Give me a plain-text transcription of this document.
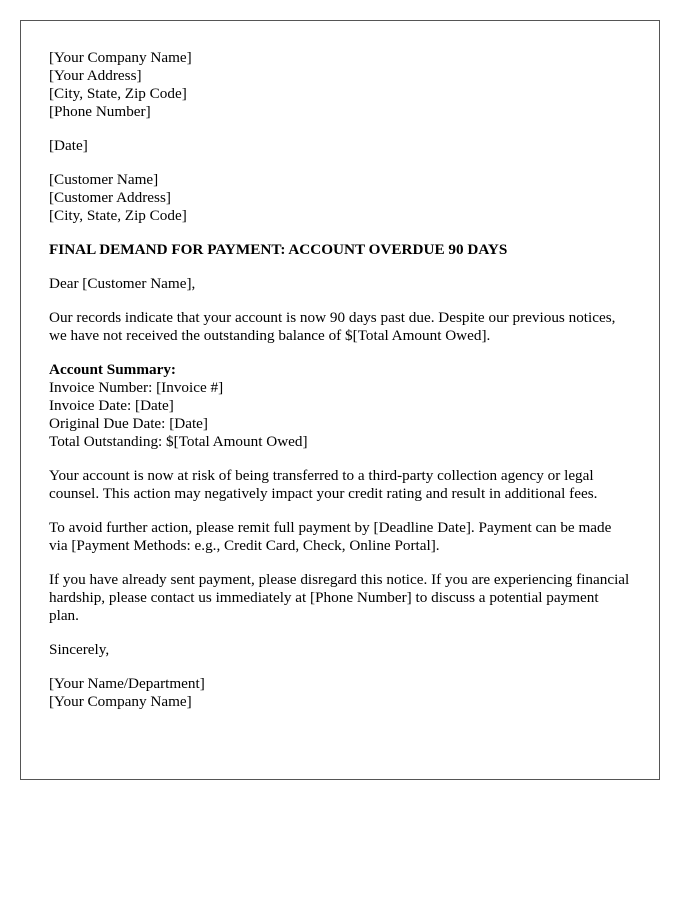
[Your Company Name]
[Your Address]
[City, State, Zip Code]
[Phone Number]
[Date]
[Customer Name]
[Customer Address]
[City, State, Zip Code]
FINAL DEMAND FOR PAYMENT: ACCOUNT OVERDUE 90 DAYS
Dear [Customer Name],
Our records indicate that your account is now 90 days past due. Despite our previous notices, we have not received the outstanding balance of $[Total Amount Owed].
Account Summary:
Invoice Number: [Invoice #]
Invoice Date: [Date]
Original Due Date: [Date]
Total Outstanding: $[Total Amount Owed]
Your account is now at risk of being transferred to a third-party collection agency or legal counsel. This action may negatively impact your credit rating and result in additional fees.
To avoid further action, please remit full payment by [Deadline Date]. Payment can be made via [Payment Methods: e.g., Credit Card, Check, Online Portal].
If you have already sent payment, please disregard this notice. If you are experiencing financial hardship, please contact us immediately at [Phone Number] to discuss a potential payment plan.
Sincerely,
[Your Name/Department]
[Your Company Name]
